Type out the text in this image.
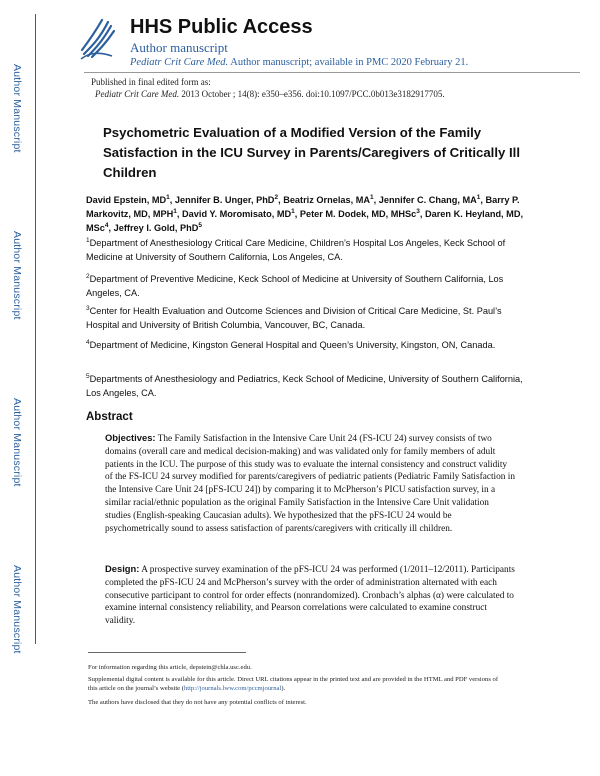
Author Manuscript
Author Manuscript
Author Manuscript
Author Manuscript
HHS Public Access
Author manuscript
Pediatr Crit Care Med. Author manuscript; available in PMC 2020 February 21.
Published in final edited form as:
Pediatr Crit Care Med. 2013 October ; 14(8): e350–e356. doi:10.1097/PCC.0b013e3182917705.
Psychometric Evaluation of a Modified Version of the Family Satisfaction in the ICU Survey in Parents/Caregivers of Critically Ill Children
David Epstein, $MD^1$, Jennifer B. Unger, PhD$^2$, Beatriz Ornelas, $MA^1$, Jennifer C. Chang, $MA^1$, Barry P. Markovitz, MD, MPH$^1$, David Y. Moromisato, $MD^1$, Peter M. Dodek, MD, MHSc$^3$, Daren K. Heyland, MD, MSc$^4$, Jeffrey I. Gold, PhD$^5$
$^1$Department of Anesthesiology Critical Care Medicine, Children’s Hospital Los Angeles, Keck School of Medicine at University of Southern California, Los Angeles, CA.
$^2$Department of Preventive Medicine, Keck School of Medicine at University of Southern California, Los Angeles, CA.
$^3$Center for Health Evaluation and Outcome Sciences and Division of Critical Care Medicine, St. Paul’s Hospital and University of British Columbia, Vancouver, BC, Canada.
$^4$Department of Medicine, Kingston General Hospital and Queen’s University, Kingston, ON, Canada.
$^5$Departments of Anesthesiology and Pediatrics, Keck School of Medicine, University of Southern California, Los Angeles, CA.
Abstract
Objectives: The Family Satisfaction in the Intensive Care Unit 24 (FS-ICU 24) survey consists of two domains (overall care and medical decision-making) and was validated only for family members of adult patients in the ICU. The purpose of this study was to evaluate the internal consistency and construct validity of the FS-ICU 24 survey modified for parents/caregivers of pediatric patients (Pediatric Family Satisfaction in the Intensive Care Unit 24 [pFS-ICU 24]) by comparing it to McPherson’s PICU satisfaction survey, in a similar racial/ethnic population as the original Family Satisfaction in the Intensive Care Unit validation studies (English-speaking Caucasian adults). We hypothesized that the pFS-ICU 24 would be psychometrically sound to assess satisfaction of parents/caregivers with critically ill children.
Design: A prospective survey examination of the pFS-ICU 24 was performed (1/2011–12/2011). Participants completed the pFS-ICU 24 and McPherson’s survey with the order of administration alternated with each consecutive participant to control for order effects (nonrandomized). Cronbach’s alphas (α) were calculated to examine internal consistency reliability, and Pearson correlations were calculated to examine construct validity.
For information regarding this article, depstein@chla.usc.edu.
Supplemental digital content is available for this article. Direct URL citations appear in the printed text and are provided in the HTML and PDF versions of this article on the journal’s website (http://journals.lww.com/pccmjournal).
The authors have disclosed that they do not have any potential conflicts of interest.
